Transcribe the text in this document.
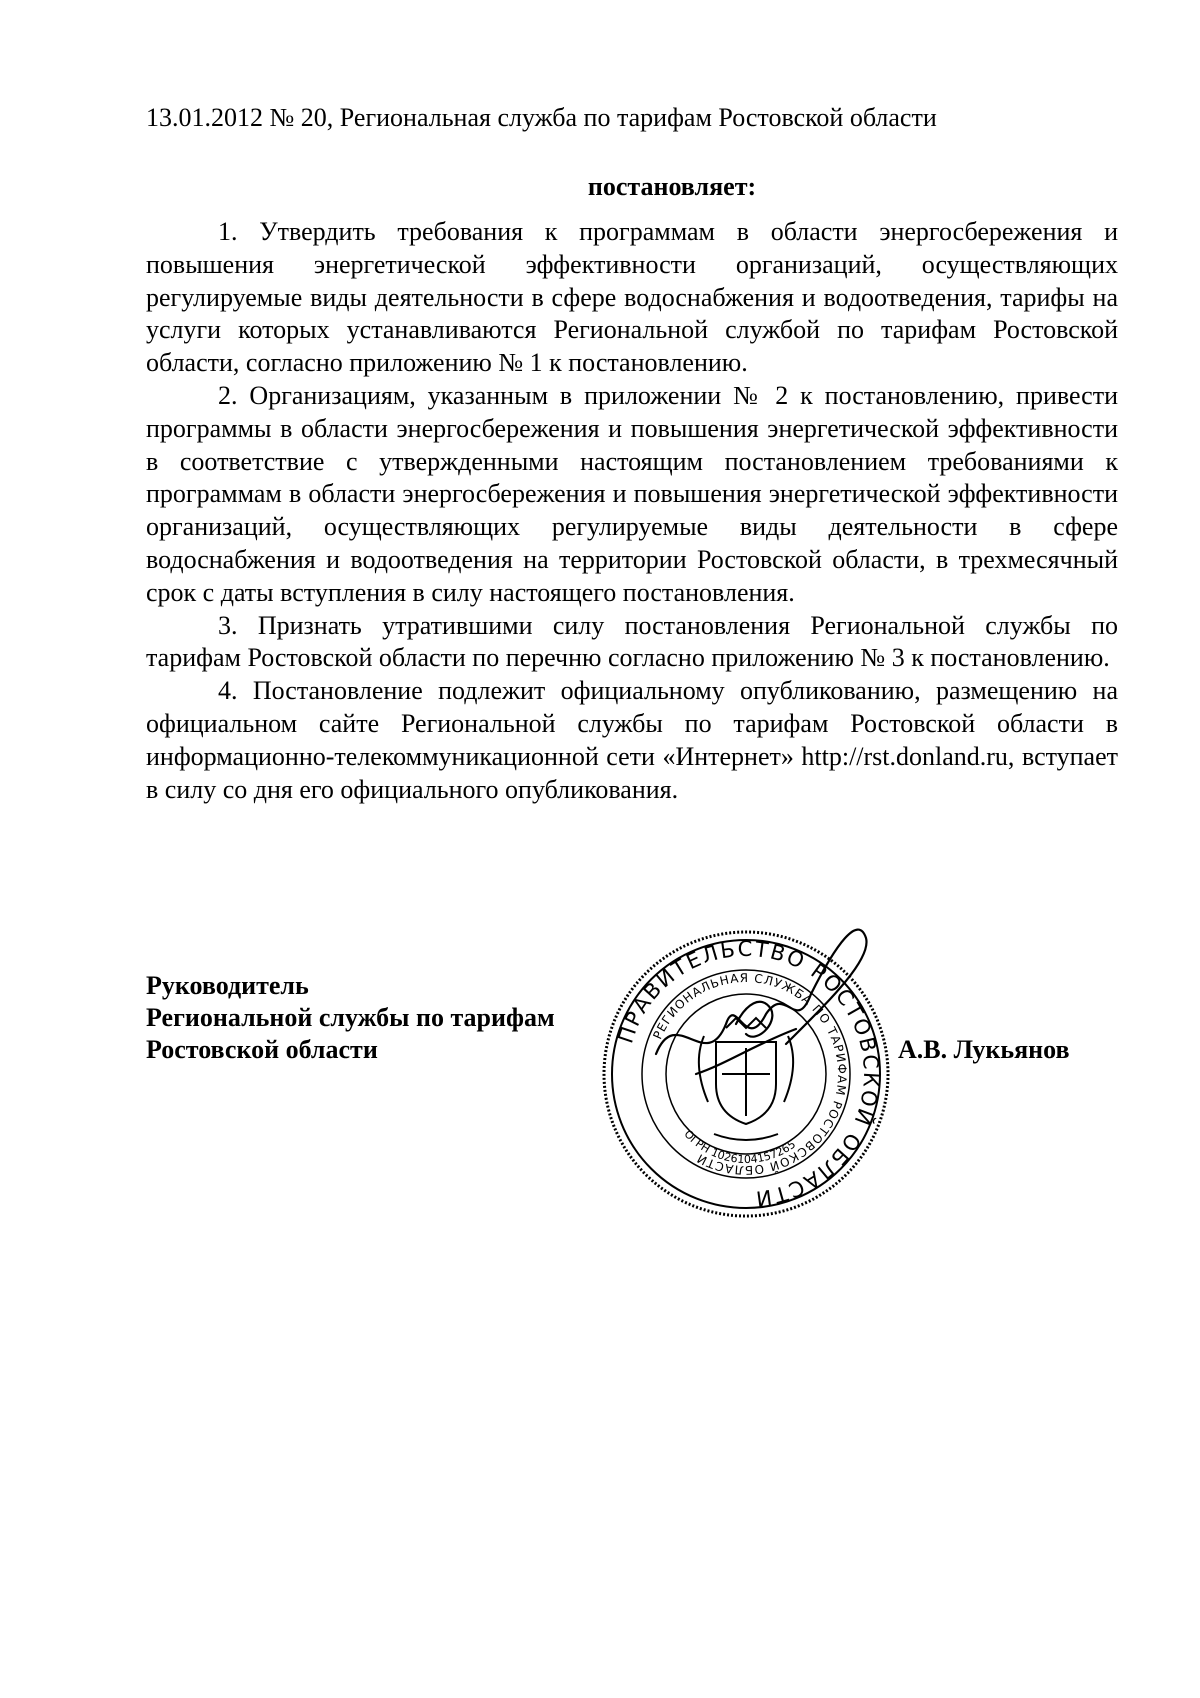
13.01.2012 № 20, Региональная служба по тарифам Ростовской области
постановляет:

1. Утвердить требования к программам в области энергосбережения и повышения энергетической эффективности организаций, осуществляющих регулируемые виды деятельности в сфере водоснабжения и водоотведения, тарифы на услуги которых устанавливаются Региональной службой по тарифам Ростовской области, согласно приложению № 1 к постановлению.

2. Организациям, указанным в приложении № 2 к постановлению, привести программы в области энергосбережения и повышения энергетической эффективности в соответствие с утвержденными настоящим постановлением требованиями к программам в области энергосбережения и повышения энергетической эффективности организаций, осуществляющих регулируемые виды деятельности в сфере водоснабжения и водоотведения на территории Ростовской области, в трехмесячный срок с даты вступления в силу настоящего постановления.

3. Признать утратившими силу постановления Региональной службы по тарифам Ростовской области по перечню согласно приложению № 3 к постановлению.

4. Постановление подлежит официальному опубликованию, размещению на официальном сайте Региональной службы по тарифам Ростовской области в информационно-телекоммуникационной сети «Интернет» http://rst.donland.ru, вступает в силу со дня его официального опубликования.

Руководитель
Региональной службы по тарифам
Ростовской области
ПРАВИТЕЛЬСТВО РОСТОВСКОЙ ОБЛАСТИ
РЕГИОНАЛЬНАЯ СЛУЖБА ПО ТАРИФАМ РОСТОВСКОЙ ОБЛАСТИ
ОГРН 1026104157265
А.В. Лукьянов
